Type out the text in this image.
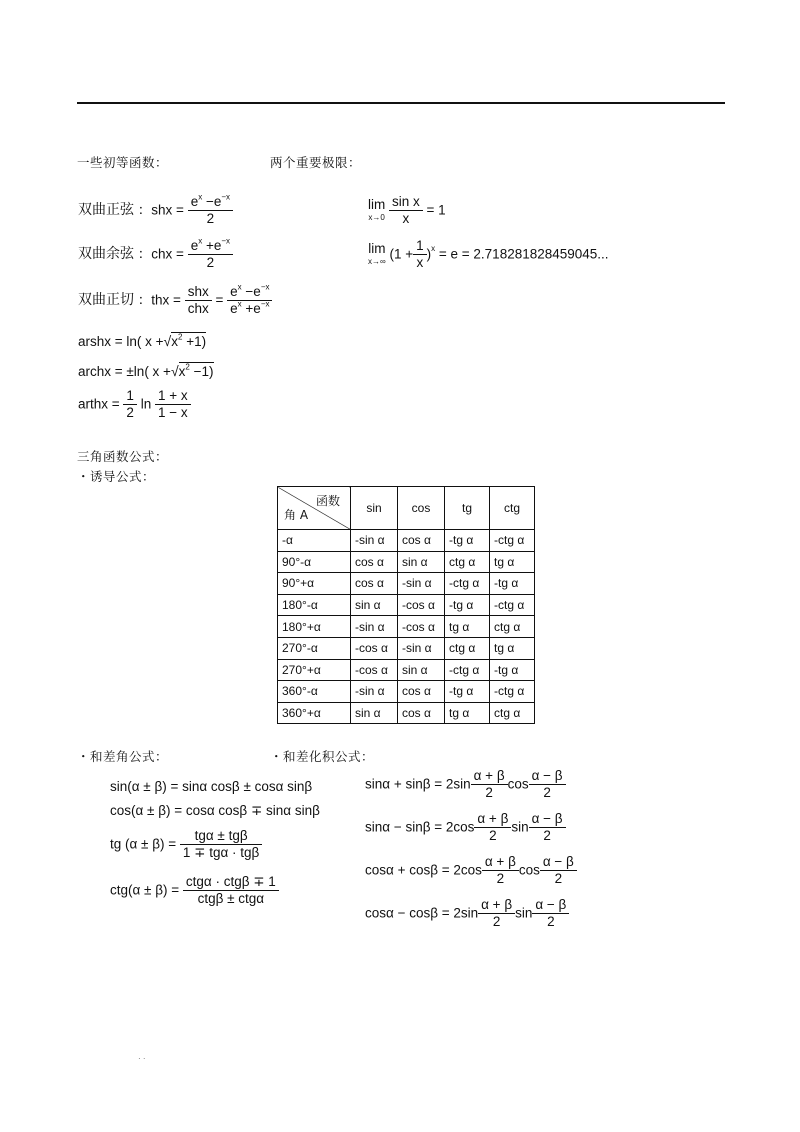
一些初等函数：	两个重要极限：
双曲正弦 ：shx = $\frac{e^x -e^{-x}}{2}$
双曲余弦 ：chx = $\frac{e^x +e^{-x}}{2}$
双曲正切 ：thx = $\frac{\text{shx}}{\text{chx}} = \frac{e^x -e^{-x}}{e^x +e^{-x}}$
arshx = ln( $x +√x^2 +1$)
archx = ±ln( $x +√x^2 -1$)
arthx = $\frac{1}{2}$ $\ln \frac{1 + x}{1 - x}$
lim
x→0
$\frac{\text{sin x}}{x} = 1$
lim
x→∞ $(1 + \frac{1}{x} )^x = e = 2.718281828459045$...
三角函数公式：
・诱导公式：
函数
角 A	sin	cos	tg	ctg
-α	-sin α	cos α	-tg α	-ctg α
90°-α	cos α	sin α	ctg α	tg α
90°+α	cos α	-sin α	-ctg α	-tg α
180°-α	sin α	-cos α	-tg α	-ctg α
180°+α	-sin α	-cos α	tg α	ctg α
270°-α	-cos α	-sin α	ctg α	tg α
270°+α	-cos α	sin α	-ctg α	-tg α
360°-α	-sin α	cos α	-tg α	-ctg α
360°+α	sin α	cos α	tg α	ctg α
・和差角公式：	・和差化积公式：
sin(α ± β) = sinα cosβ ± cosα sinβ
cos(α ± β) = cosα cosβ ∓ sinα sinβ
tg $(\alpha \pm \beta) = \frac{\text{tgα ± tgβ}}{\text{1 ∓ tgα · tgβ}}$
$ctg(\alpha \pm \beta) = \frac{\text{ctgα · ctgβ ∓ 1}}{\text{ctgβ ± ctgα}}$
$\sin\alpha + \sin\beta = 2\sin \frac{\alpha + \beta}{2}$ $\cos \frac{\alpha - \beta}{2}$
$\sin\alpha - \sin\beta = 2\cos \frac{\alpha + \beta}{2}$ $\sin \frac{\alpha - \beta}{2}$
$\cos\alpha + \cos\beta = 2\cos \frac{\alpha + \beta}{2}$ $\cos \frac{\alpha - \beta}{2}$
$\cos\alpha - \cos\beta = 2\sin \frac{\alpha + \beta}{2}$ $\sin \frac{\alpha - \beta}{2}$
· ·
